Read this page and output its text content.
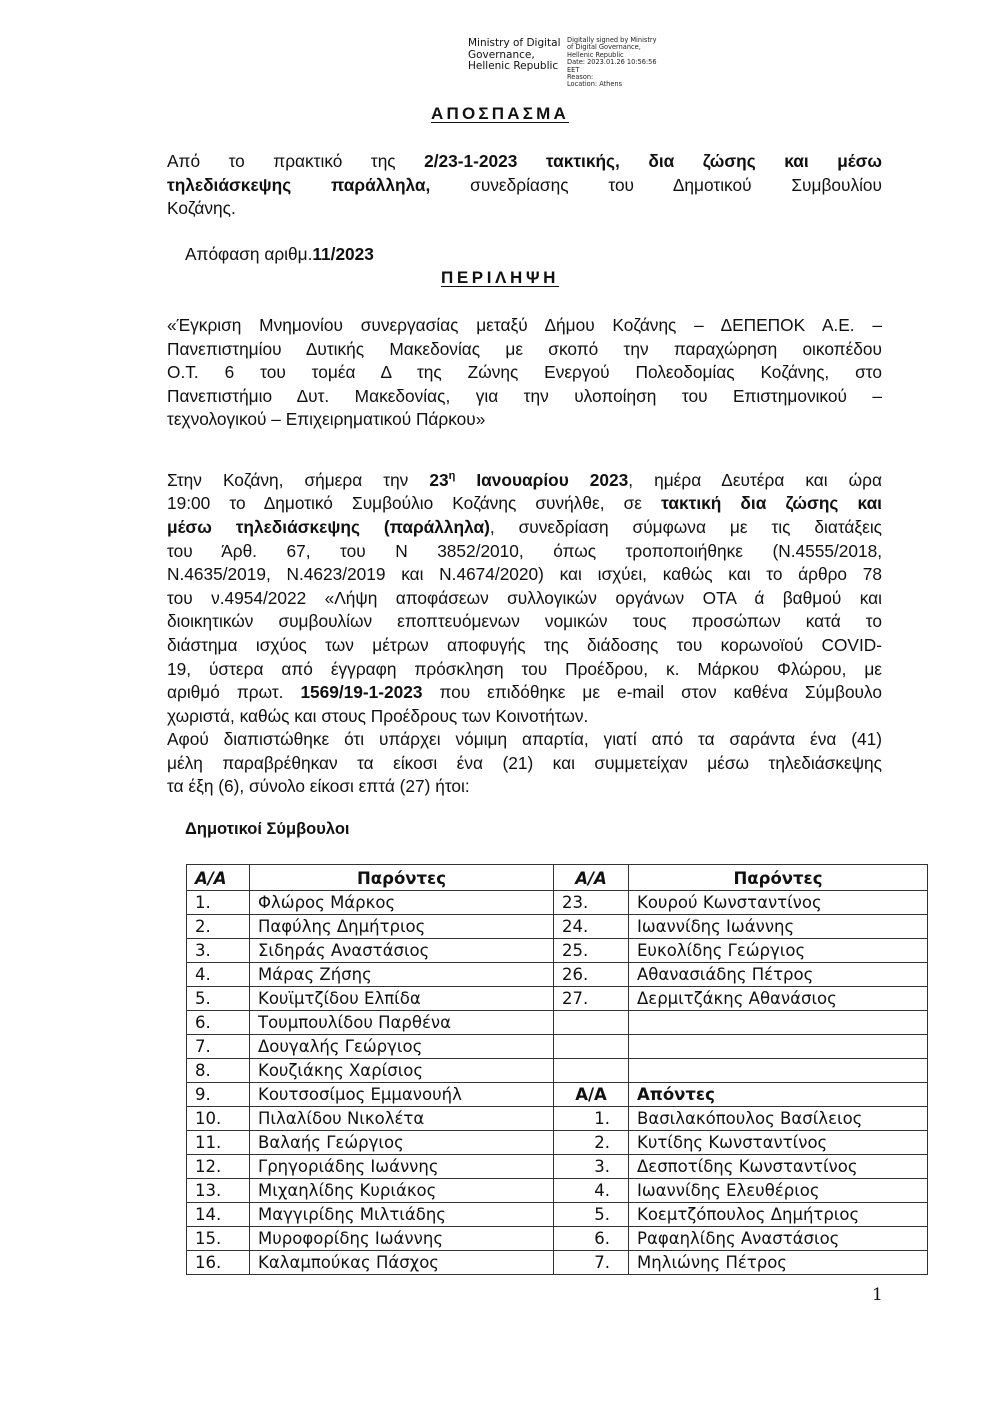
Ministry of Digital
Governance,
Hellenic Republic
Digitally signed by Ministry
of Digital Governance,
Hellenic Republic
Date: 2023.01.26 10:56:56
EET
Reason:
Location: Athens
ΑΠΟΣΠΑΣΜΑ
Από το πρακτικό της 2/23-1-2023 τακτικής, δια ζώσης και μέσω
τηλεδιάσκεψης παράλληλα, συνεδρίασης του Δημοτικού Συμβουλίου
Κοζάνης.
Απόφαση αριθμ.11/2023
ΠΕΡΙΛΗΨΗ
«Έγκριση Μνημονίου συνεργασίας μεταξύ Δήμου Κοζάνης – ΔΕΠΕΠΟΚ Α.Ε. –
Πανεπιστημίου Δυτικής Μακεδονίας με σκοπό την παραχώρηση οικοπέδου
Ο.Τ. 6 του τομέα Δ της Ζώνης Ενεργού Πολεοδομίας Κοζάνης, στο
Πανεπιστήμιο Δυτ. Μακεδονίας, για την υλοποίηση του Επιστημονικού –
τεχνολογικού – Επιχειρηματικού Πάρκου»
Στην Κοζάνη, σήμερα την $23^\eta$ Ιανουαρίου 2023, ημέρα Δευτέρα και ώρα
19:00 το Δημοτικό Συμβούλιο Κοζάνης συνήλθε, σε τακτική δια ζώσης και
μέσω τηλεδιάσκεψης (παράλληλα), συνεδρίαση σύμφωνα με τις διατάξεις
του Άρθ. 67, του Ν 3852/2010, όπως τροποποιήθηκε (Ν.4555/2018,
Ν.4635/2019, Ν.4623/2019 και Ν.4674/2020) και ισχύει, καθώς και το άρθρο 78
του ν.4954/2022 «Λήψη αποφάσεων συλλογικών οργάνων ΟΤΑ ά βαθμού και
διοικητικών συμβουλίων εποπτευόμενων νομικών τους προσώπων κατά το
διάστημα ισχύος των μέτρων αποφυγής της διάδοσης του κορωνοϊού COVID-
19, ύστερα από έγγραφη πρόσκληση του Προέδρου, κ. Μάρκου Φλώρου, με
αριθμό πρωτ. 1569/19-1-2023 που επιδόθηκε με e-mail στον καθένα Σύμβουλο
χωριστά, καθώς και στους Προέδρους των Κοινοτήτων.
Αφού διαπιστώθηκε ότι υπάρχει νόμιμη απαρτία, γιατί από τα σαράντα ένα (41)
μέλη παραβρέθηκαν τα είκοσι ένα (21) και συμμετείχαν μέσω τηλεδιάσκεψης
τα έξη (6), σύνολο είκοσι επτά (27) ήτοι:
Δημοτικοί Σύμβουλοι
Α/Α	Παρόντες	Α/Α	Παρόντες
1.	Φλώρος Μάρκος	23.	Κουρού Κωνσταντίνος
2.	Παφύλης Δημήτριος	24.	Ιωαννίδης Ιωάννης
3.	Σιδηράς Αναστάσιος	25.	Ευκολίδης Γεώργιος
4.	Μάρας Ζήσης	26.	Αθανασιάδης Πέτρος
5.	Κουϊμτζίδου Ελπίδα	27.	Δερμιτζάκης Αθανάσιος
6.	Τουμπουλίδου Παρθένα		
7.	Δουγαλής Γεώργιος		
8.	Κουζιάκης Χαρίσιος		
9.	Κουτσοσίμος Εμμανουήλ	Α/Α	Απόντες
10.	Πιλαλίδου Νικολέτα	1.	Βασιλακόπουλος Βασίλειος
11.	Βαλαής Γεώργιος	2.	Κυτίδης Κωνσταντίνος
12.	Γρηγοριάδης Ιωάννης	3.	Δεσποτίδης Κωνσταντίνος
13.	Μιχαηλίδης Κυριάκος	4.	Ιωαννίδης Ελευθέριος
14.	Μαγγιρίδης Μιλτιάδης	5.	Κοεμτζόπουλος Δημήτριος
15.	Μυροφορίδης Ιωάννης	6.	Ραφαηλίδης Αναστάσιος
16.	Καλαμπούκας Πάσχος	7.	Μηλιώνης Πέτρος
1
